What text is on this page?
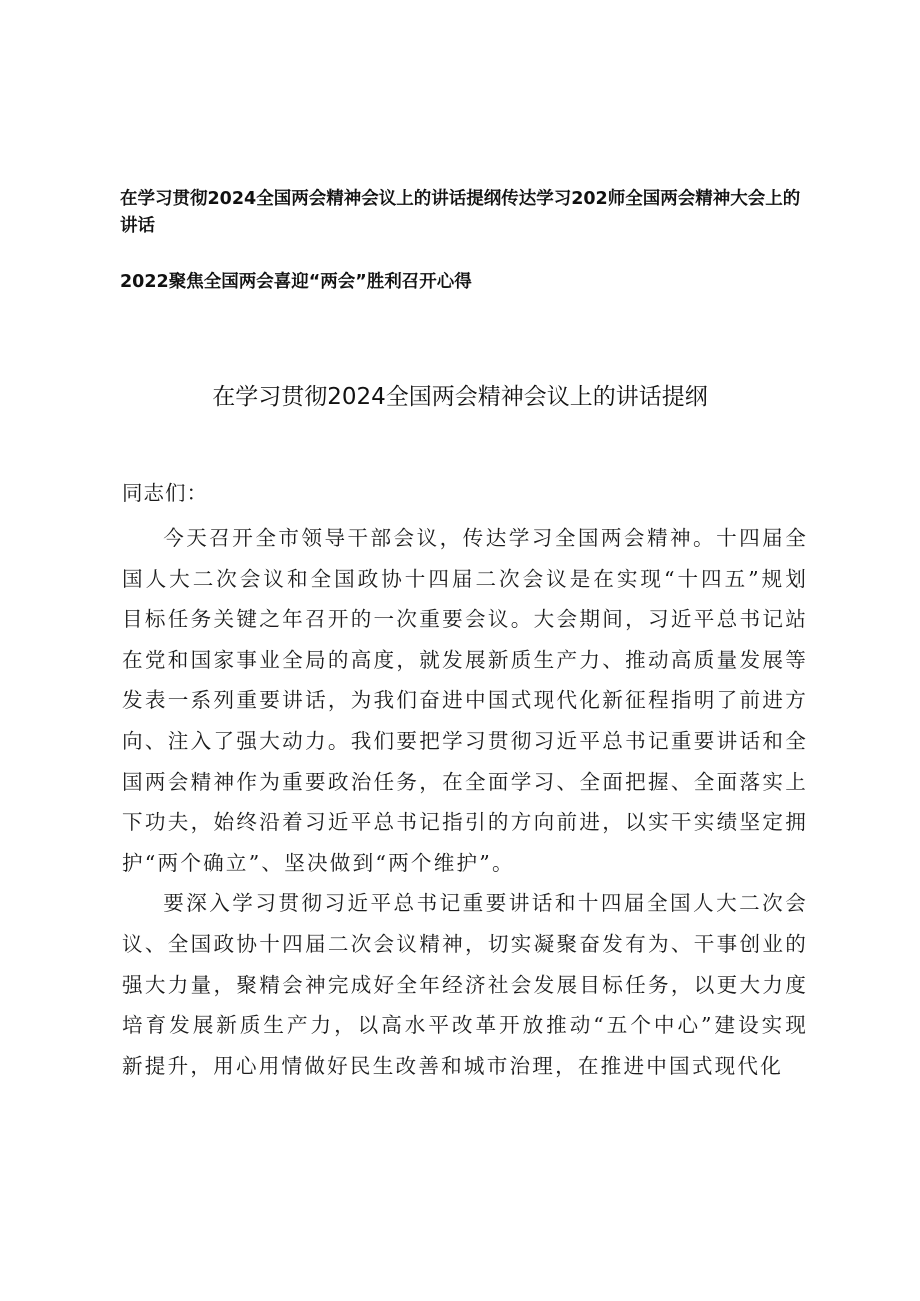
在学习贯彻2024全国两会精神会议上的讲话提纲传达学习202师全国两会精神大会上的讲话

2022聚焦全国两会喜迎“两会”胜利召开心得

在学习贯彻2024全国两会精神会议上的讲话提纲

同志们：

今天召开全市领导干部会议，传达学习全国两会精神。十四届全国人大二次会议和全国政协十四届二次会议是在实现“十四五”规划目标任务关键之年召开的一次重要会议。大会期间，习近平总书记站在党和国家事业全局的高度，就发展新质生产力、推动高质量发展等发表一系列重要讲话，为我们奋进中国式现代化新征程指明了前进方向、注入了强大动力。我们要把学习贯彻习近平总书记重要讲话和全国两会精神作为重要政治任务，在全面学习、全面把握、全面落实上下功夫，始终沿着习近平总书记指引的方向前进，以实干实绩坚定拥护“两个确立”、坚决做到“两个维护”。

要深入学习贯彻习近平总书记重要讲话和十四届全国人大二次会议、全国政协十四届二次会议精神，切实凝聚奋发有为、干事创业的强大力量，聚精会神完成好全年经济社会发展目标任务，以更大力度培育发展新质生产力，以高水平改革开放推动“五个中心”建设实现新提升，用心用情做好民生改善和城市治理，在推进中国式现代化
